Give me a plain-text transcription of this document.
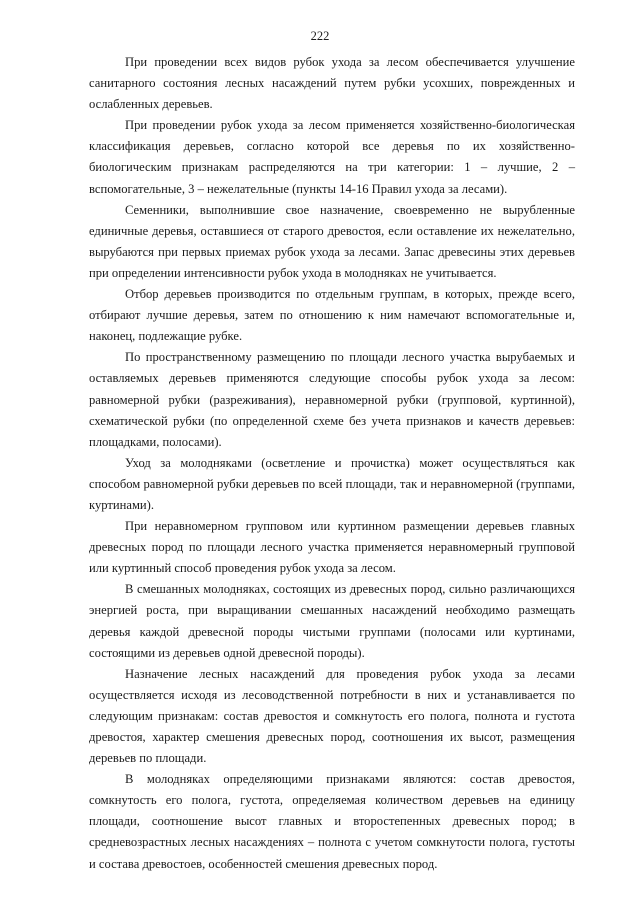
222

При проведении всех видов рубок ухода за лесом обеспечивается улучшение санитарного состояния лесных насаждений путем рубки усохших, поврежденных и ослабленных деревьев.

При проведении рубок ухода за лесом применяется хозяйственно-биологическая классификация деревьев, согласно которой все деревья по их хозяйственно-биологическим признакам распределяются на три категории: 1 – лучшие, 2 – вспомогательные, 3 – нежелательные (пункты 14-16 Правил ухода за лесами).

Семенники, выполнившие свое назначение, своевременно не вырубленные единичные деревья, оставшиеся от старого древостоя, если оставление их нежелательно, вырубаются при первых приемах рубок ухода за лесами. Запас древесины этих деревьев при определении интенсивности рубок ухода в молодняках не учитывается.

Отбор деревьев производится по отдельным группам, в которых, прежде всего, отбирают лучшие деревья, затем по отношению к ним намечают вспомогательные и, наконец, подлежащие рубке.

По пространственному размещению по площади лесного участка вырубаемых и оставляемых деревьев применяются следующие способы рубок ухода за лесом: равномерной рубки (разреживания), неравномерной рубки (групповой, куртинной), схематической рубки (по определенной схеме без учета признаков и качеств деревьев: площадками, полосами).

Уход за молодняками (осветление и прочистка) может осуществляться как способом равномерной рубки деревьев по всей площади, так и неравномерной (группами, куртинами).

При неравномерном групповом или куртинном размещении деревьев главных древесных пород по площади лесного участка применяется неравномерный групповой или куртинный способ проведения рубок ухода за лесом.

В смешанных молодняках, состоящих из древесных пород, сильно различающихся энергией роста, при выращивании смешанных насаждений необходимо размещать деревья каждой древесной породы чистыми группами (полосами или куртинами, состоящими из деревьев одной древесной породы).

Назначение лесных насаждений для проведения рубок ухода за лесами осуществляется исходя из лесоводственной потребности в них и устанавливается по следующим признакам: состав древостоя и сомкнутость его полога, полнота и густота древостоя, характер смешения древесных пород, соотношения их высот, размещения деревьев по площади.

В молодняках определяющими признаками являются: состав древостоя, сомкнутость его полога, густота, определяемая количеством деревьев на единицу площади, соотношение высот главных и второстепенных древесных пород; в средневозрастных лесных насаждениях – полнота с учетом сомкнутости полога, густоты и состава древостоев, особенностей смешения древесных пород.
